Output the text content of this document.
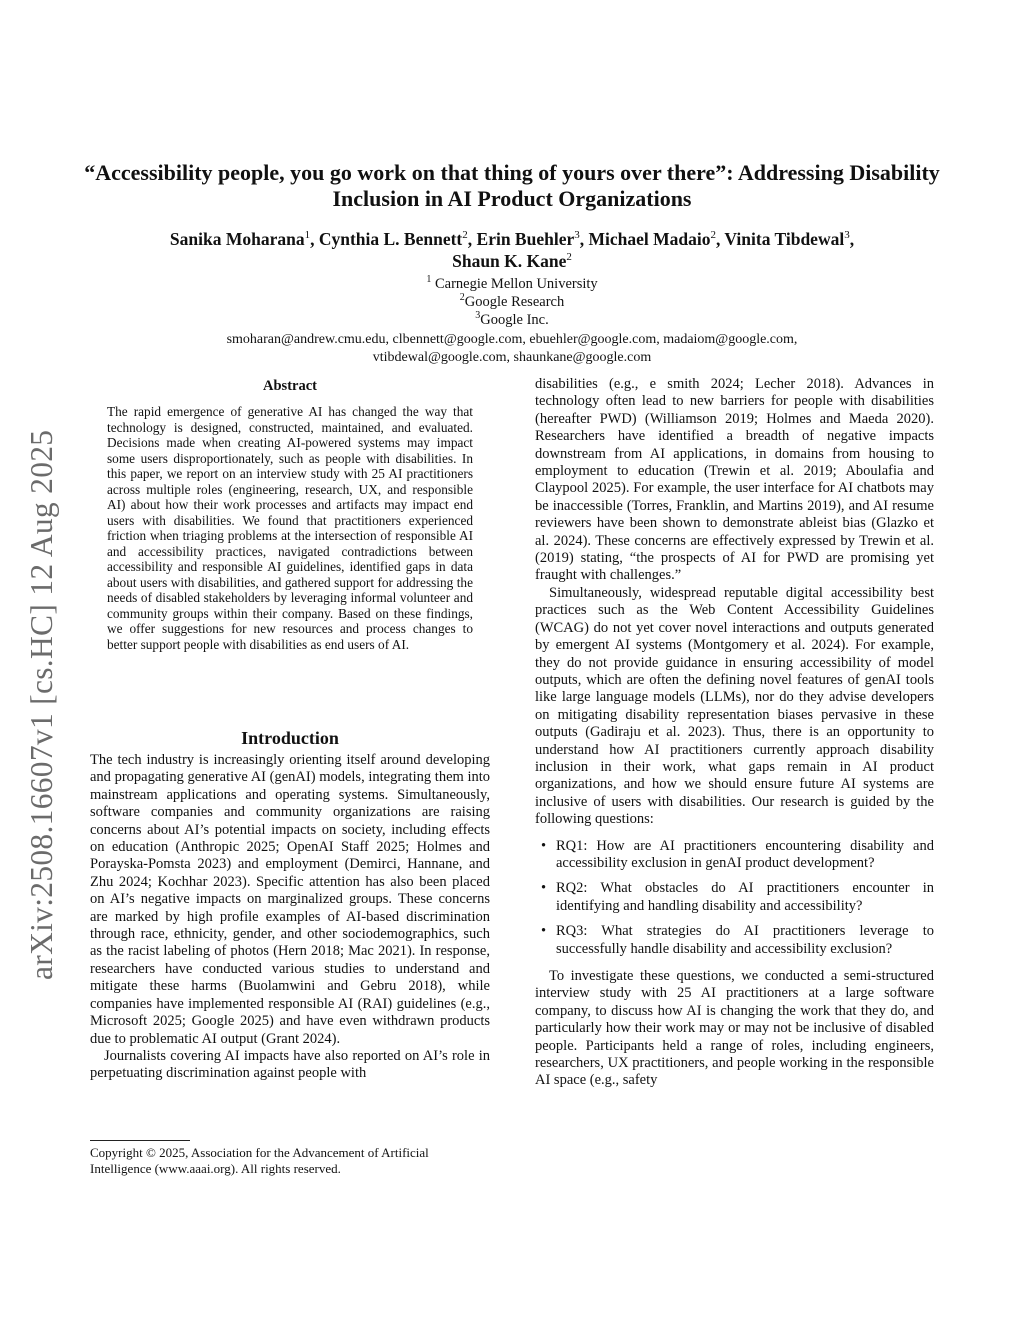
arXiv:2508.16607v1 [cs.HC] 12 Aug 2025
“Accessibility people, you go work on that thing of yours over there”: Addressing Disability Inclusion in AI Product Organizations
Sanika Moharana$^1$, Cynthia L. Bennett$^2$, Erin Buehler$^3$, Michael Madaio$^2$, Vinita Tibdewal$^3$,
Shaun K. Kane$^2$
$^1$ Carnegie Mellon University
$^2$Google Research
$^3$Google Inc.
smoharan@andrew.cmu.edu, clbennett@google.com, ebuehler@google.com, madaiom@google.com,
vtibdewal@google.com, shaunkane@google.com
Abstract

The rapid emergence of generative AI has changed the way that technology is designed, constructed, maintained, and evaluated. Decisions made when creating AI-powered systems may impact some users disproportionately, such as people with disabilities. In this paper, we report on an interview study with 25 AI practitioners across multiple roles (engineering, research, UX, and responsible AI) about how their work processes and artifacts may impact end users with disabilities. We found that practitioners experienced friction when triaging problems at the intersection of responsible AI and accessibility practices, navigated contradictions between accessibility and responsible AI guidelines, identified gaps in data about users with disabilities, and gathered support for addressing the needs of disabled stakeholders by leveraging informal volunteer and community groups within their company. Based on these findings, we offer suggestions for new resources and process changes to better support people with disabilities as end users of AI.

Introduction

The tech industry is increasingly orienting itself around developing and propagating generative AI (genAI) models, integrating them into mainstream applications and operating systems. Simultaneously, software companies and community organizations are raising concerns about AI’s potential impacts on society, including effects on education (Anthropic 2025; OpenAI Staff 2025; Holmes and Porayska-Pomsta 2023) and employment (Demirci, Hannane, and Zhu 2024; Kochhar 2023). Specific attention has also been placed on AI’s negative impacts on marginalized groups. These concerns are marked by high profile examples of AI-based discrimination through race, ethnicity, gender, and other sociodemographics, such as the racist labeling of photos (Hern 2018; Mac 2021). In response, researchers have conducted various studies to understand and mitigate these harms (Buolamwini and Gebru 2018), while companies have implemented responsible AI (RAI) guidelines (e.g., Microsoft 2025; Google 2025) and have even withdrawn products due to problematic AI output (Grant 2024).

Journalists covering AI impacts have also reported on AI’s role in perpetuating discrimination against people with

Copyright © 2025, Association for the Advancement of Artificial Intelligence (www.aaai.org). All rights reserved.

disabilities (e.g., e smith 2024; Lecher 2018). Advances in technology often lead to new barriers for people with disabilities (hereafter PWD) (Williamson 2019; Holmes and Maeda 2020). Researchers have identified a breadth of negative impacts downstream from AI applications, in domains from housing to employment to education (Trewin et al. 2019; Aboulafia and Claypool 2025). For example, the user interface for AI chatbots may be inaccessible (Torres, Franklin, and Martins 2019), and AI resume reviewers have been shown to demonstrate ableist bias (Glazko et al. 2024). These concerns are effectively expressed by Trewin et al. (2019) stating, “the prospects of AI for PWD are promising yet fraught with challenges.”

Simultaneously, widespread reputable digital accessibility best practices such as the Web Content Accessibility Guidelines (WCAG) do not yet cover novel interactions and outputs generated by emergent AI systems (Montgomery et al. 2024). For example, they do not provide guidance in ensuring accessibility of model outputs, which are often the defining novel features of genAI tools like large language models (LLMs), nor do they advise developers on mitigating disability representation biases pervasive in these outputs (Gadiraju et al. 2023). Thus, there is an opportunity to understand how AI practitioners currently approach disability inclusion in their work, what gaps remain in AI product organizations, and how we should ensure future AI systems are inclusive of users with disabilities. Our research is guided by the following questions:

• RQ1: How are AI practitioners encountering disability and accessibility exclusion in genAI product development?
• RQ2: What obstacles do AI practitioners encounter in identifying and handling disability and accessibility?
• RQ3: What strategies do AI practitioners leverage to successfully handle disability and accessibility exclusion?

To investigate these questions, we conducted a semi-structured interview study with 25 AI practitioners at a large software company, to discuss how AI is changing the work that they do, and particularly how their work may or may not be inclusive of disabled people. Participants held a range of roles, including engineers, researchers, UX practitioners, and people working in the responsible AI space (e.g., safety
